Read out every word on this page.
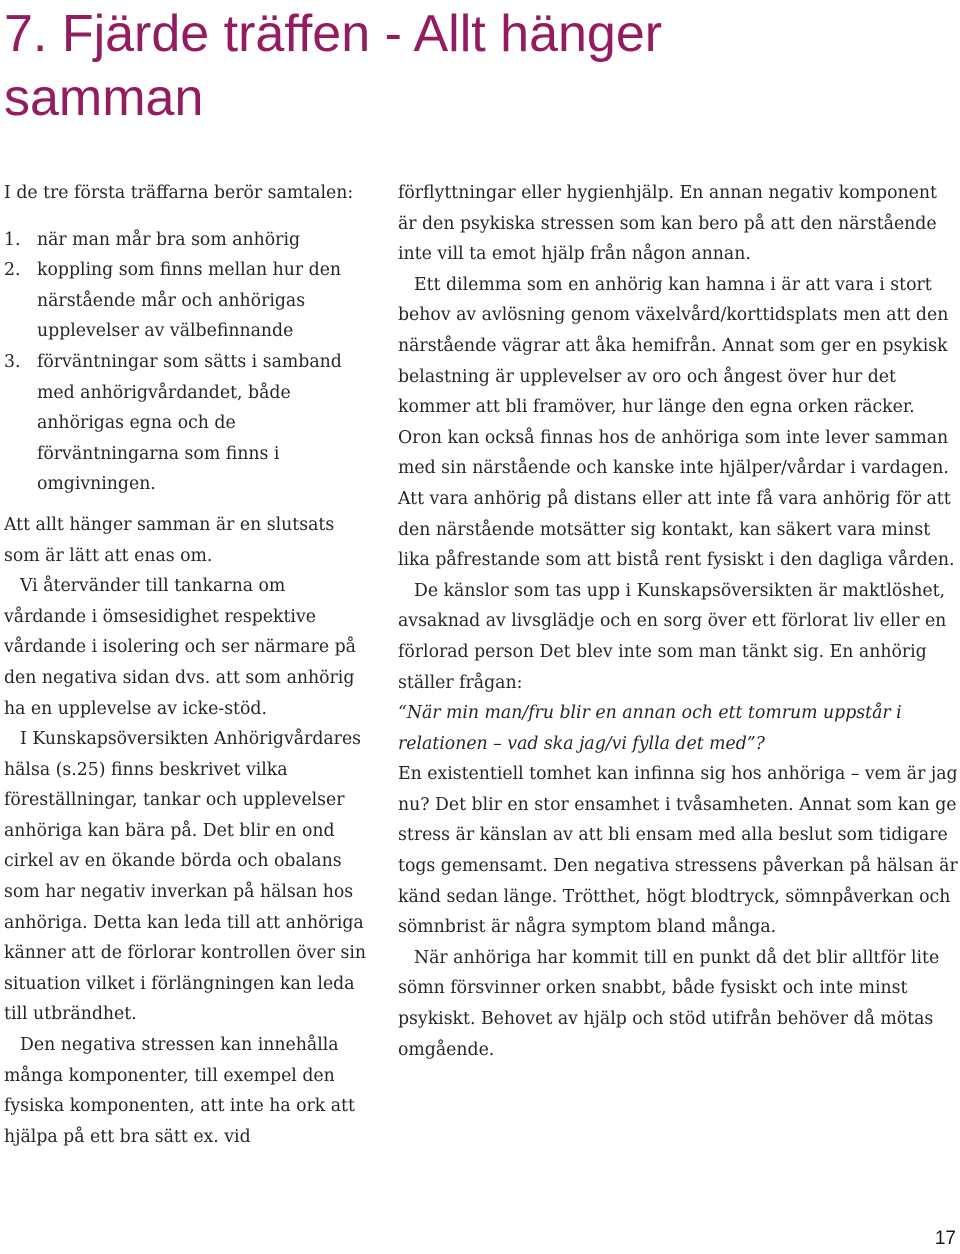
7. Fjärde träffen - Allt hänger
samman

I de tre första träffarna berör samtalen:

1. när man mår bra som anhörig
2. koppling som finns mellan hur den närstående mår och anhörigas upplevelser av välbefinnande
3. förväntningar som sätts i samband med anhörigvårdandet, både anhörigas egna och de förväntningarna som finns i omgivningen.

Att allt hänger samman är en slutsats som är lätt att enas om.

Vi återvänder till tankarna om vårdande i ömsesidighet respektive vårdande i isolering och ser närmare på den negativa sidan dvs. att som anhörig ha en upplevelse av icke-stöd.

I Kunskapsöversikten Anhörigvårdares hälsa (s.25) finns beskrivet vilka föreställningar, tankar och upplevelser anhöriga kan bära på. Det blir en ond cirkel av en ökande börda och obalans som har negativ inverkan på hälsan hos anhöriga. Detta kan leda till att anhöriga känner att de förlorar kontrollen över sin situation vilket i förlängningen kan leda till utbrändhet.

Den negativa stressen kan innehålla många komponenter, till exempel den fysiska komponenten, att inte ha ork att hjälpa på ett bra sätt ex. vid

förflyttningar eller hygienhjälp. En annan negativ komponent är den psykiska stressen som kan bero på att den närstående inte vill ta emot hjälp från någon annan.

Ett dilemma som en anhörig kan hamna i är att vara i stort behov av avlösning genom växelvård/korttidsplats men att den närstående vägrar att åka hemifrån. Annat som ger en psykisk belastning är upplevelser av oro och ångest över hur det kommer att bli framöver, hur länge den egna orken räcker. Oron kan också finnas hos de anhöriga som inte lever samman med sin närstående och kanske inte hjälper/vårdar i vardagen. Att vara anhörig på distans eller att inte få vara anhörig för att den närstående motsätter sig kontakt, kan säkert vara minst lika påfrestande som att bistå rent fysiskt i den dagliga vården.

De känslor som tas upp i Kunskapsöversikten är maktlöshet, avsaknad av livsglädje och en sorg över ett förlorat liv eller en förlorad person Det blev inte som man tänkt sig. En anhörig ställer frågan:

“När min man/fru blir en annan och ett tomrum uppstår i relationen – vad ska jag/vi fylla det med”?

En existentiell tomhet kan infinna sig hos anhöriga – vem är jag nu? Det blir en stor ensamhet i tvåsamheten. Annat som kan ge stress är känslan av att bli ensam med alla beslut som tidigare togs gemensamt. Den negativa stressens påverkan på hälsan är känd sedan länge. Trötthet, högt blodtryck, sömnpåverkan och sömnbrist är några symptom bland många.

När anhöriga har kommit till en punkt då det blir alltför lite sömn försvinner orken snabbt, både fysiskt och inte minst psykiskt. Behovet av hjälp och stöd utifrån behöver då mötas omgående.

17
